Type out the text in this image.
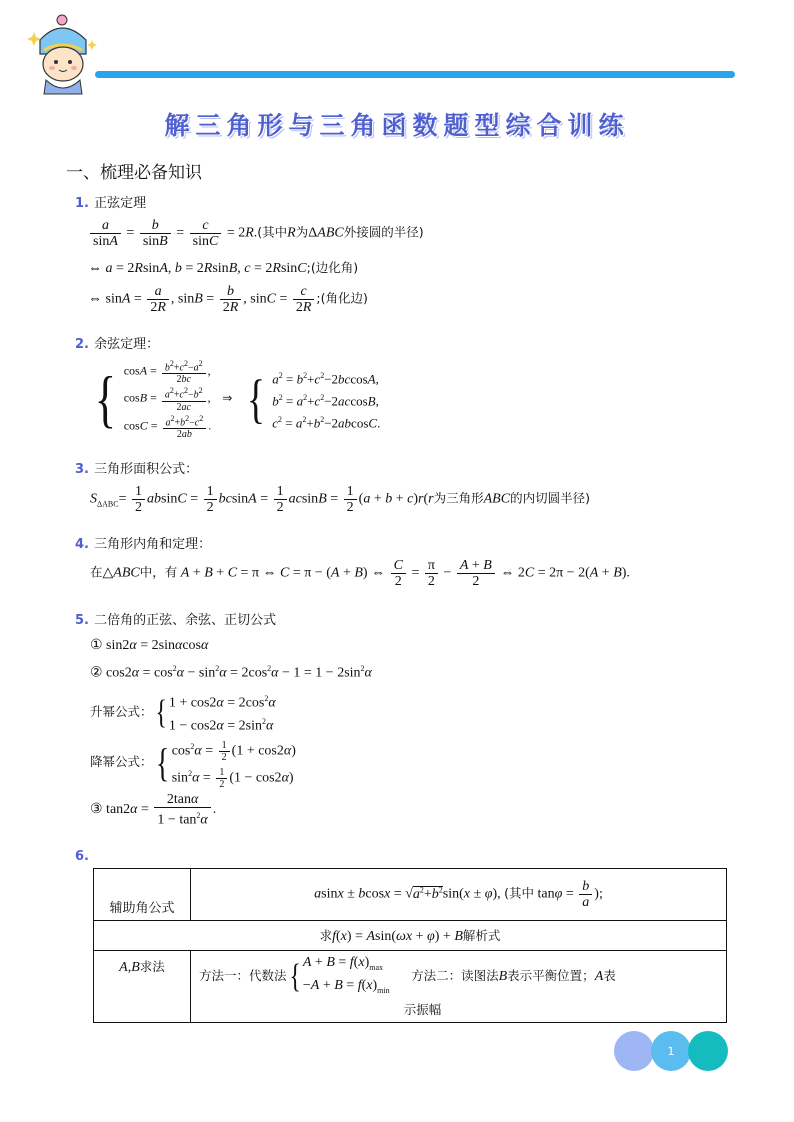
解三角形与三角函数题型综合训练
一、梳理必备知识
1. 正弦定理
$\frac{a}{\sin A} = \frac{b}{\sin B} = \frac{c}{\sin C} = 2R$.(其中R为ΔABC外接圆的半径)
⇔ a = 2RsinA, b = 2RsinB, c = 2RsinC;(边化角)
⇔ $\sin A = \frac{a}{2R}$ , $\sin B = \frac{b}{2R}$ , $\sin C = \frac{c}{2R}$ ;(角化边)
2. 余弦定理：
{ $\cos A = \frac{b^2+c^2-a^2}{2bc}$ ,
$\cos B = \frac{a^2+c^2-b^2}{2ac}$ ,
$\cos C = \frac{a^2+b^2-c^2}{2ab}$ .
⇒ { $a^2 = b^2+c^2-2bccosA$,
$b^2 = a^2+c^2-2accosB$,
$c^2 = a^2+b^2-2abcosC$.
3. 三角形面积公式：
$S_{\Delta ABC}= \frac{1}{2}$ $absinC = \frac{1}{2}$ $bcsinA = \frac{1}{2}$ $acsinB = \frac{1}{2} (a + b + c)r(r$为三角形ABC的内切圆半径)
4. 三角形内角和定理：
在△ABC中，有 A + B + C = π ⇔ C = π − (A + B) ⇔ $\frac{C}{2} = \frac{\pi}{2} - \frac{A + B}{2}$ ⇔ 2C = 2π − 2(A + B).
5. 二倍角的正弦、余弦、正切公式
① sin2α = 2sinαcosα
② $\cos 2\alpha = \cos^2\alpha - \sin^2\alpha = 2\cos^2\alpha - 1 = 1 - 2\sin^2\alpha$
升幂公式：{ $1 + \cos 2\alpha = 2\cos^2\alpha$
$1 - \cos 2\alpha = 2\sin^2\alpha$
降幂公式：{ $\cos^2\alpha = \frac{1}{2} (1 + \cos 2\alpha)$
$\sin^2\alpha = \frac{1}{2} (1 - \cos 2\alpha)$
③ $\tan 2\alpha = \frac{2\tan\alpha}{1 - \tan^2\alpha}$ .
6.
辅助角公式	$asinx \pm bcosx = √a^2+b^2\sin(x \pm \varphi)$, (其中 $\tan\varphi = \frac{b}{a}$ );
求f(x) = Asin(ωx + φ) + B解析式	
A,B求法	方法一：代数法{ $A + B = f(x)_{max}$
$-A + B = f(x)_{min}$
方法二：读图法B表示平衡位置；A表
示振幅
1
